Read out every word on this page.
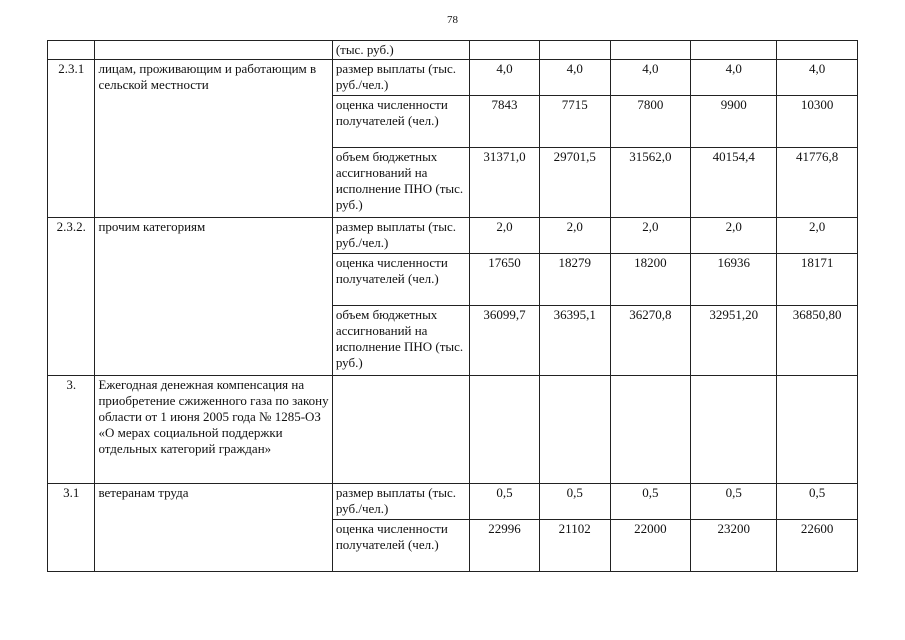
78
		(тыс. руб.)					
2.3.1	лицам, проживающим и работающим в сельской местности	размер выплаты (тыс. руб./чел.)	4,0	4,0	4,0	4,0	4,0
		оценка численности получателей (чел.)	7843	7715	7800	9900	10300
		объем бюджетных ассигнований на исполнение ПНО (тыс. руб.)	31371,0	29701,5	31562,0	40154,4	41776,8
2.3.2.	прочим категориям	размер выплаты (тыс. руб./чел.)	2,0	2,0	2,0	2,0	2,0
		оценка численности получателей (чел.)	17650	18279	18200	16936	18171
		объем бюджетных ассигнований на исполнение ПНО (тыс. руб.)	36099,7	36395,1	36270,8	32951,20	36850,80
3.	Ежегодная денежная компенсация на приобретение сжиженного газа по закону области от 1 июня 2005 года № 1285-ОЗ «О мерах социальной поддержки отдельных категорий граждан»						
3.1	ветеранам труда	размер выплаты (тыс. руб./чел.)	0,5	0,5	0,5	0,5	0,5
		оценка численности получателей (чел.)	22996	21102	22000	23200	22600
